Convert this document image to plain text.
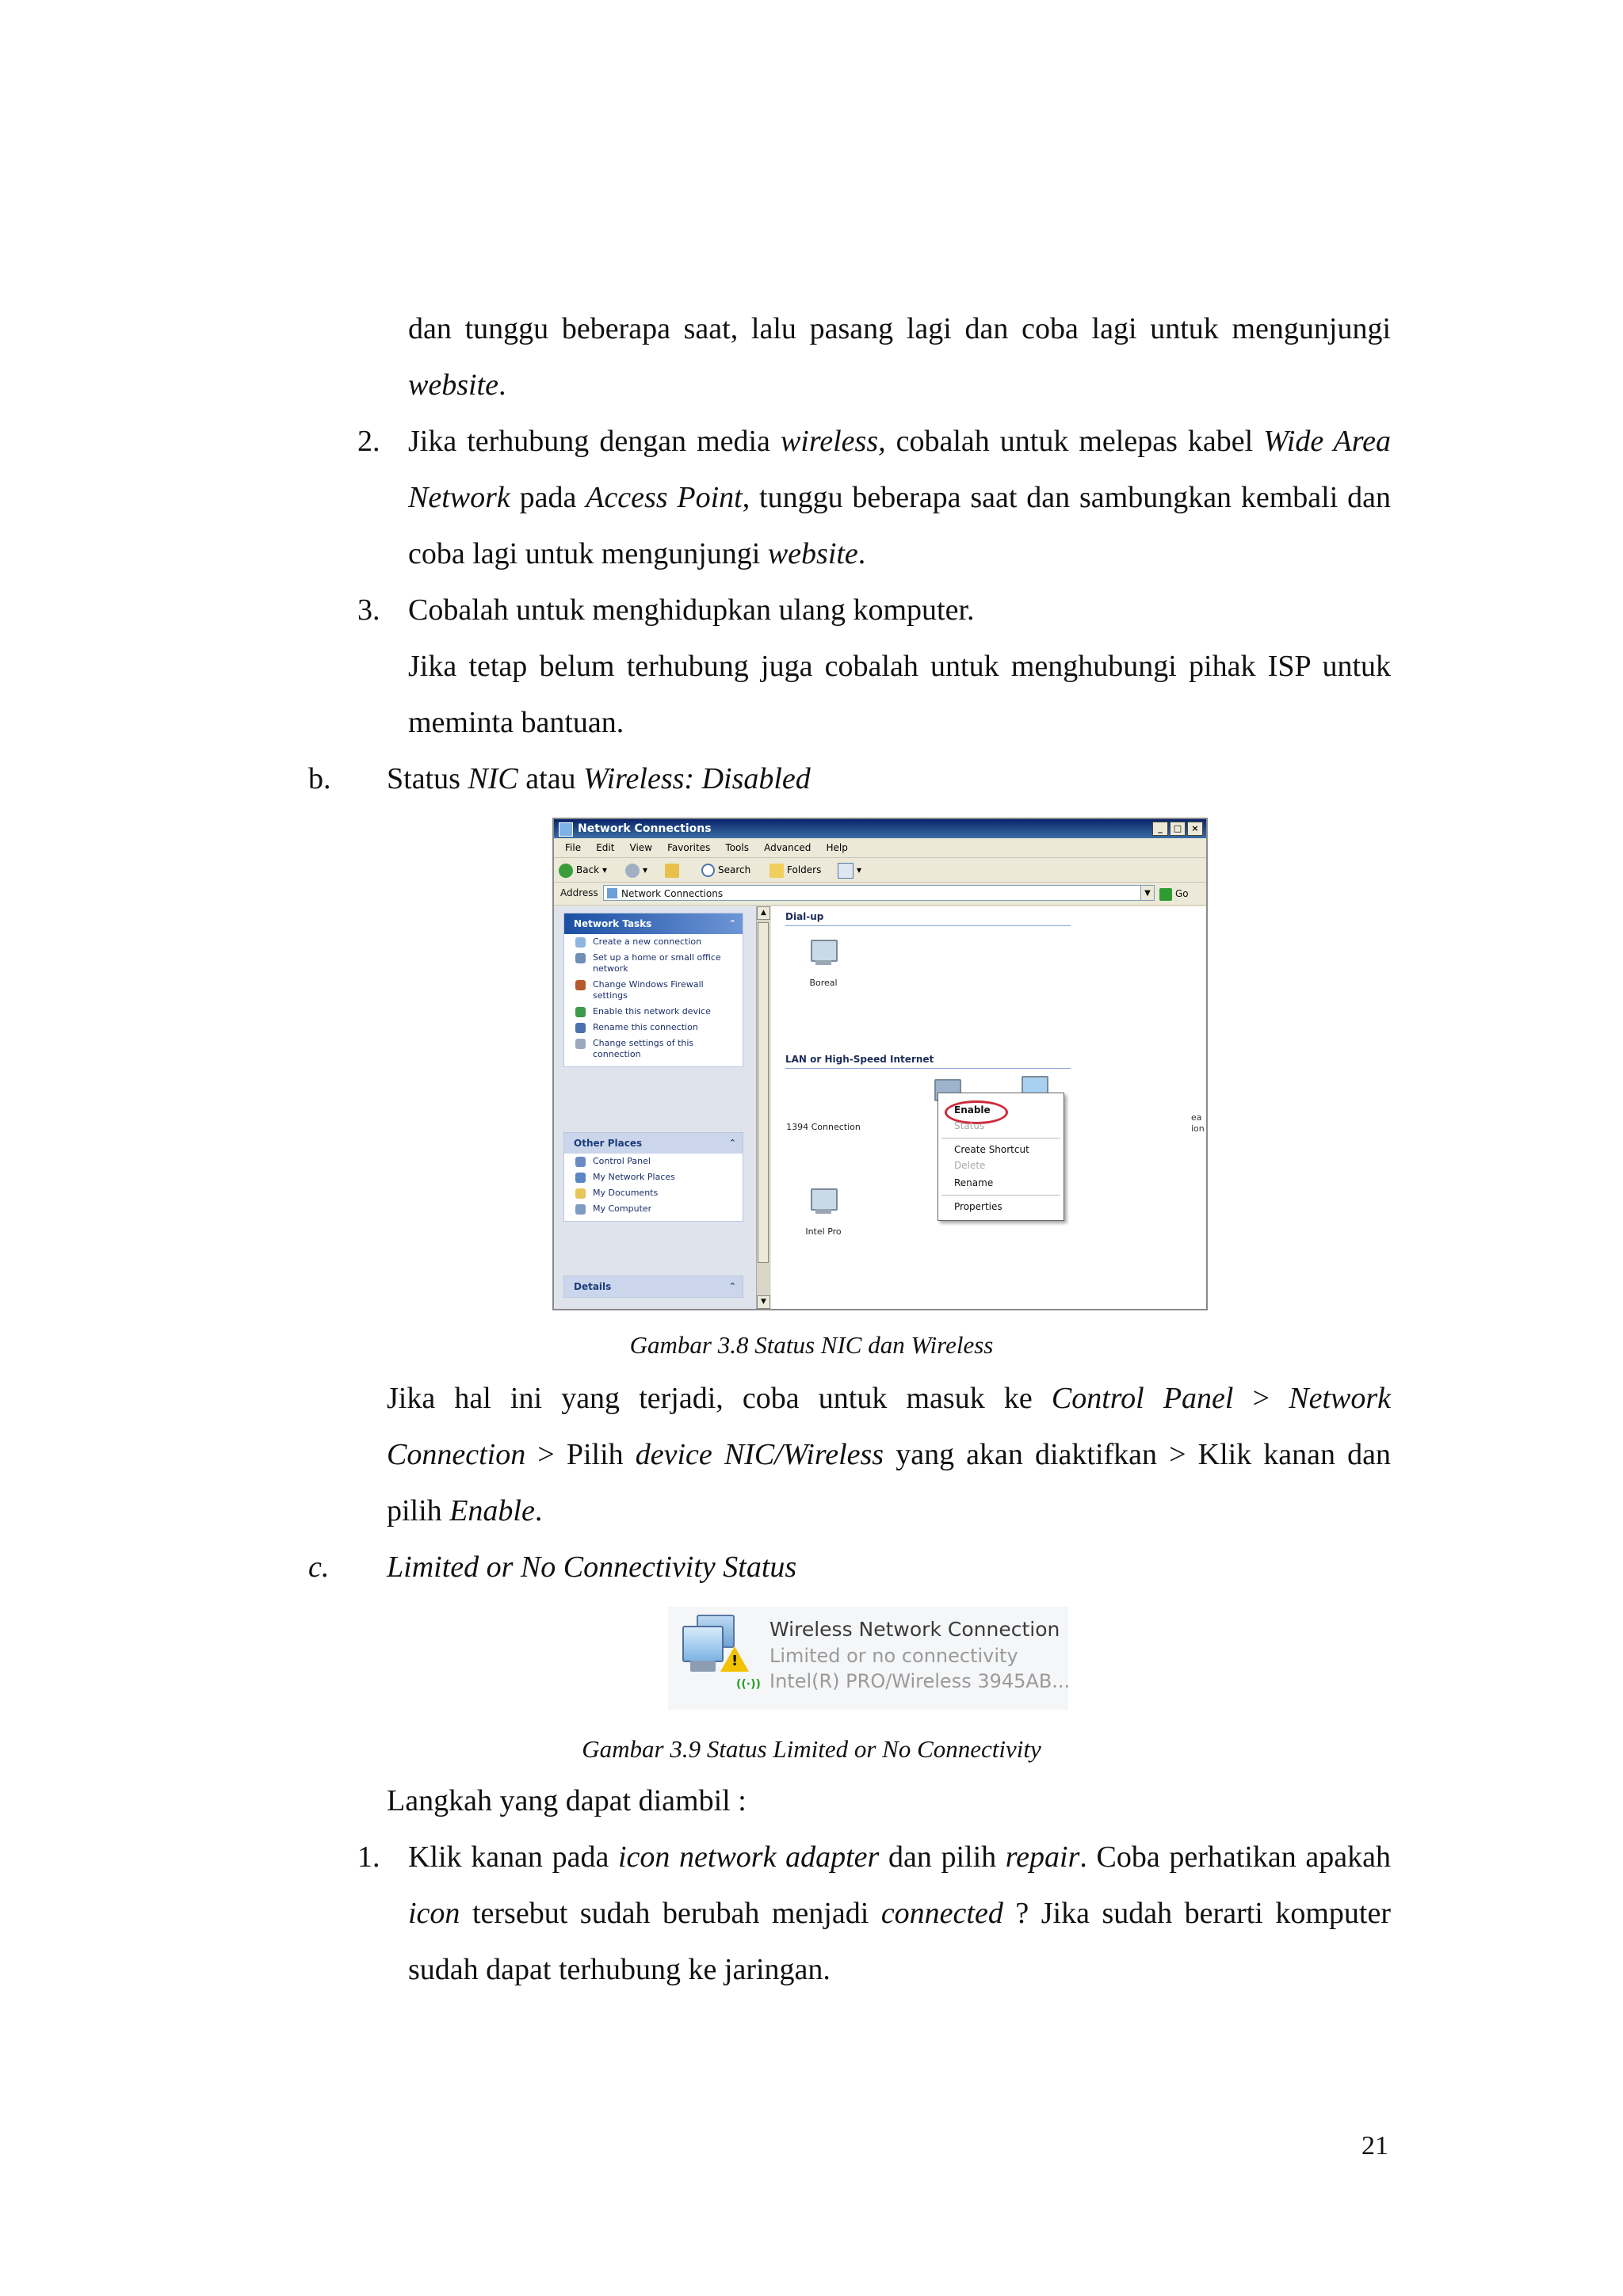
dan tunggu beberapa saat, lalu pasang lagi dan coba lagi untuk mengunjungi website.

2. Jika terhubung dengan media wireless, cobalah untuk melepas kabel Wide Area Network pada Access Point, tunggu beberapa saat dan sambungkan kembali dan coba lagi untuk mengunjungi website.

3. Cobalah untuk menghidupkan ulang komputer.

Jika tetap belum terhubung juga cobalah untuk menghubungi pihak ISP untuk meminta bantuan.

b. Status NIC atau Wireless: Disabled

Network Connections	_	□	×
File Edit View Favorites Tools Advanced Help
Back ▾	▾	Search	Folders	▾
Address	Network Connections	▼	Go
Network Tasks	⌃
Create a new connection
Set up a home or small office network
Change Windows Firewall settings
Enable this network device
Rename this connection
Change settings of this connection
Other Places	⌃
Control Panel
My Network Places
My Documents
My Computer
Details	⌃
▲
▼
Dial-up
Boreal
LAN or High-Speed Internet
1394 Connection
ea
ion
Intel Pro
Enable
Status
Create Shortcut
Delete
Rename
Properties
Gambar 3.8 Status NIC dan Wireless

Jika hal ini yang terjadi, coba untuk masuk ke Control Panel > Network Connection > Pilih device NIC/Wireless yang akan diaktifkan > Klik kanan dan pilih Enable.

c. Limited or No Connectivity Status

!
((·))
Wireless Network Connection
Limited or no connectivity
Intel(R) PRO/Wireless 3945AB...
Gambar 3.9 Status Limited or No Connectivity

Langkah yang dapat diambil :

1. Klik kanan pada icon network adapter dan pilih repair. Coba perhatikan apakah icon tersebut sudah berubah menjadi connected ? Jika sudah berarti komputer sudah dapat terhubung ke jaringan.

21
